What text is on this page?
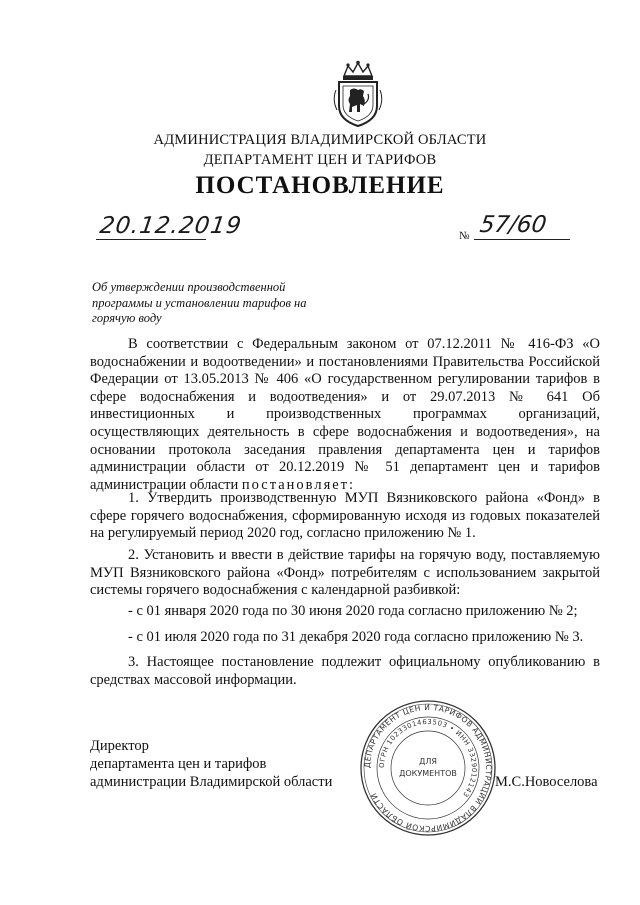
АДМИНИСТРАЦИЯ ВЛАДИМИРСКОЙ ОБЛАСТИ
ДЕПАРТАМЕНТ ЦЕН И ТАРИФОВ
ПОСТАНОВЛЕНИЕ
20.12.2019	№ 57/60
Об утверждении производственной программы и установлении тарифов на горячую воду
В соответствии с Федеральным законом от 07.12.2011 № 416-ФЗ «О водоснабжении и водоотведении» и постановлениями Правительства Российской Федерации от 13.05.2013 № 406 «О государственном регулировании тарифов в сфере водоснабжения и водоотведения» и от 29.07.2013 № 641 Об инвестиционных и производственных программах организаций, осуществляющих деятельность в сфере водоснабжения и водоотведения», на основании протокола заседания правления департамента цен и тарифов администрации области от 20.12.2019 № 51 департамент цен и тарифов администрации области постановляет:
1. Утвердить производственную МУП Вязниковского района «Фонд» в сфере горячего водоснабжения, сформированную исходя из годовых показателей на регулируемый период 2020 год, согласно приложению № 1.
2. Установить и ввести в действие тарифы на горячую воду, поставляемую МУП Вязниковского района «Фонд» потребителям с использованием закрытой системы горячего водоснабжения с календарной разбивкой:
- с 01 января 2020 года по 30 июня 2020 года согласно приложению № 2;
- с 01 июля 2020 года по 31 декабря 2020 года согласно приложению № 3.
3. Настоящее постановление подлежит официальному опубликованию в средствах массовой информации.
Директор
департамента цен и тарифов
администрации Владимирской области	М.С.Новоселова
ДЕПАРТАМЕНТ ЦЕН И ТАРИФОВ АДМИНИСТРАЦИИ ВЛАДИМИРСКОЙ ОБЛАСТИ
ОГРН 1023301463503 • ИНН 3329012143
ДЛЯ
ДОКУМЕНТОВ
